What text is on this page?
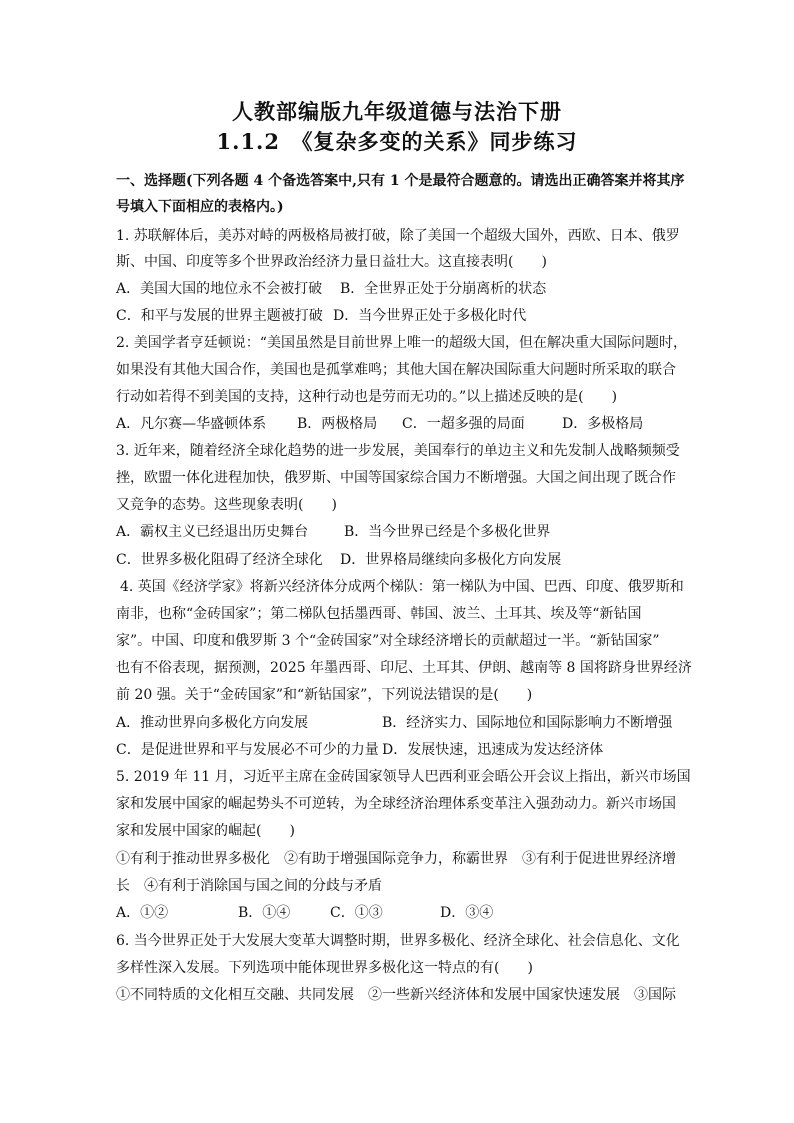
人教部编版九年级道德与法治下册
1.1.2　《复杂多变的关系》同步练习
一、选择题(下列各题 4 个备选答案中,只有 1 个是最符合题意的。请选出正确答案并将其序
号填入下面相应的表格内。)
1. 苏联解体后，美苏对峙的两极格局被打破，除了美国一个超级大国外，西欧、日本、俄罗
斯、中国、印度等多个世界政治经济力量日益壮大。这直接表明(　　)
A．美国大国的地位永不会被打破 B．全世界正处于分崩离析的状态
C．和平与发展的世界主题被打破 D．当今世界正处于多极化时代
2. 美国学者亨廷顿说：“美国虽然是目前世界上唯一的超级大国，但在解决重大国际问题时，
如果没有其他大国合作，美国也是孤掌难鸣；其他大国在解决国际重大问题时所采取的联合
行动如若得不到美国的支持，这种行动也是劳而无功的。”以上描述反映的是(　　)
A．凡尔赛—华盛顿体系 B．两极格局 C．一超多强的局面	D．多极格局
3. 近年来，随着经济全球化趋势的进一步发展，美国奉行的单边主义和先发制人战略频频受
挫，欧盟一体化进程加快，俄罗斯、中国等国家综合国力不断增强。大国之间出现了既合作
又竞争的态势。这些现象表明(　　)
A．霸权主义已经退出历史舞台	B．当今世界已经是个多极化世界
C．世界多极化阻碍了经济全球化 D．世界格局继续向多极化方向发展
4. 英国《经济学家》将新兴经济体分成两个梯队：第一梯队为中国、巴西、印度、俄罗斯和
南非，也称“金砖国家”；第二梯队包括墨西哥、韩国、波兰、土耳其、埃及等“新钻国
家”。中国、印度和俄罗斯 3 个“金砖国家”对全球经济增长的贡献超过一半。“新钻国家”
也有不俗表现，据预测，2025 年墨西哥、印尼、土耳其、伊朗、越南等 8 国将跻身世界经济
前 20 强。关于“金砖国家”和“新钻国家”，下列说法错误的是(　　)
A．推动世界向多极化方向发展	B．经济实力、国际地位和国际影响力不断增强
C．是促进世界和平与发展必不可少的力量 D．发展快速，迅速成为发达经济体
5. 2019 年 11 月，习近平主席在金砖国家领导人巴西利亚会晤公开会议上指出，新兴市场国
家和发展中国家的崛起势头不可逆转，为全球经济治理体系变革注入强劲动力。新兴市场国
家和发展中国家的崛起(　　)
①有利于推动世界多极化　②有助于增强国际竞争力，称霸世界　③有利于促进世界经济增
长　④有利于消除国与国之间的分歧与矛盾
A．①②	B．①④	C．①③	D．③④
6. 当今世界正处于大发展大变革大调整时期，世界多极化、经济全球化、社会信息化、文化
多样性深入发展。下列选项中能体现世界多极化这一特点的有(　　)
①不同特质的文化相互交融、共同发展　②一些新兴经济体和发展中国家快速发展　③国际
